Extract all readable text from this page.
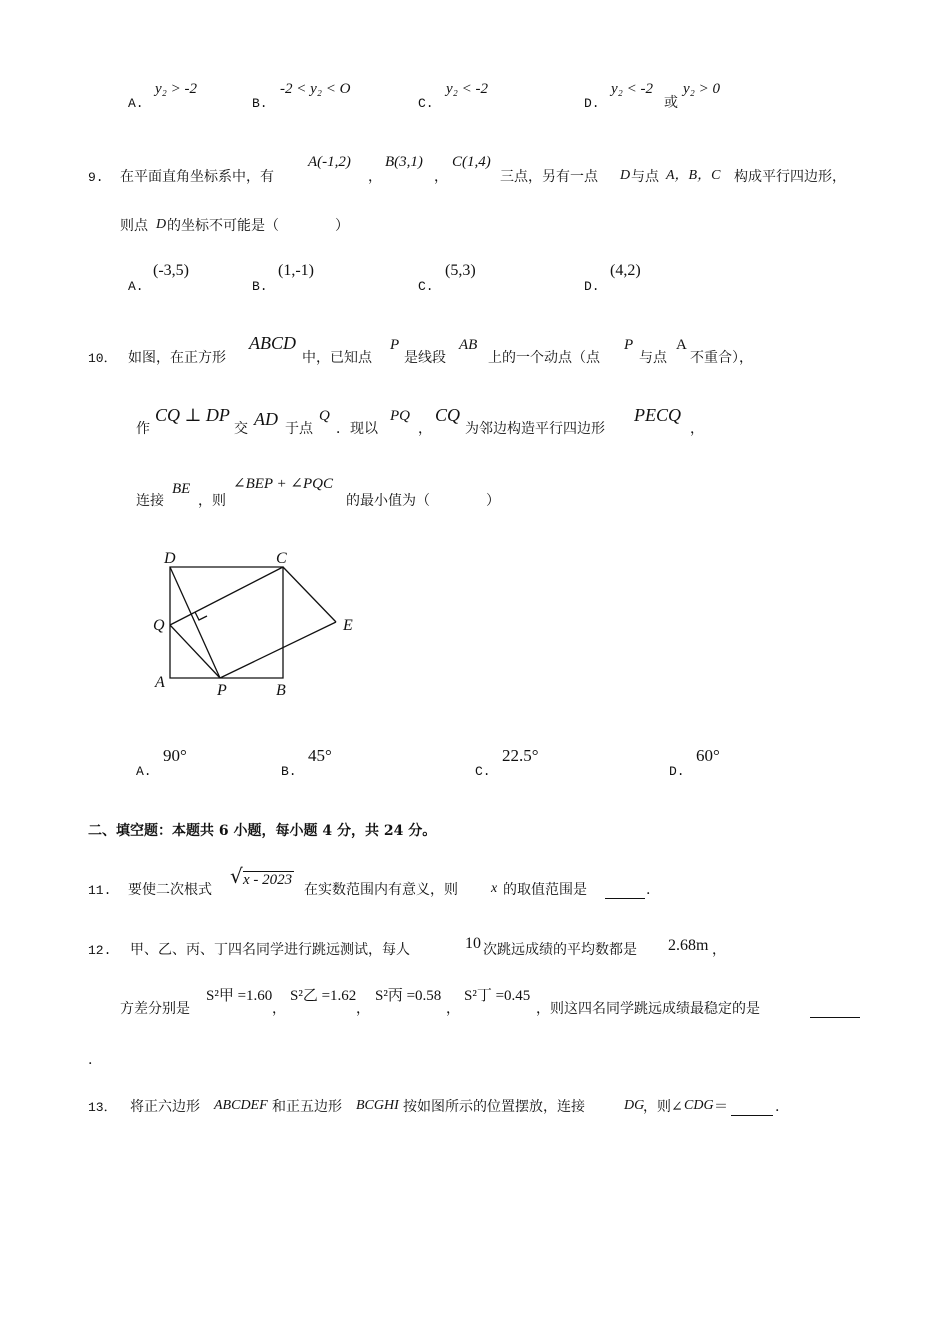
A.
y₂ > -2
B.
-2 < y₂ < O
C.
y₂ < -2
D.
y₂ < -2
或
y₂ > 0
9. 在平面直角坐标系中，有
A(-1,2)
，
B(3,1)
，
C(1,4)
三点，另有一点 D 与点 A，B，C 构成平行四边形，
则点 D 的坐标不可能是（　　　　）
A.
(-3,5)
B.
(1,-1)
C.
(5,3)
D.
(4,2)
10． 如图，在正方形
ABCD
中，已知点
P
是线段
AB
上的一个动点（点
P
与点
A
不重合），
作
CQ ⊥ DP
交 AD 于点
Q
．现以
PQ
，
CQ
为邻边构造平行四边形
PECQ
，
连接
BE
，则
∠BEP + ∠PQC
的最小值为（　　　　）
D	C
Q	E
A	P	B
A.
90°
B.
45°
C.
22.5°
D.
60°
二、填空题：本题共 6 小题，每小题 4 分，共 24 分。
11. 要使二次根式
√ x - 2023
在实数范围内有意义，则 x 的取值范围是	.
12. 甲、乙、丙、丁四名同学进行跳远测试，每人	10 次跳远成绩的平均数都是 2.68m ，
方差分别是
S²甲 =1.60
，
S²乙 =1.62
，
S²丙 =0.58
，
S²丁 =0.45
，则这四名同学跳远成绩最稳定的是
.
13． 将正六边形 ABCDEF 和正五边形 BCGHI 按如图所示的位置摆放，连接	DG
，则∠ CDG ＝	.
